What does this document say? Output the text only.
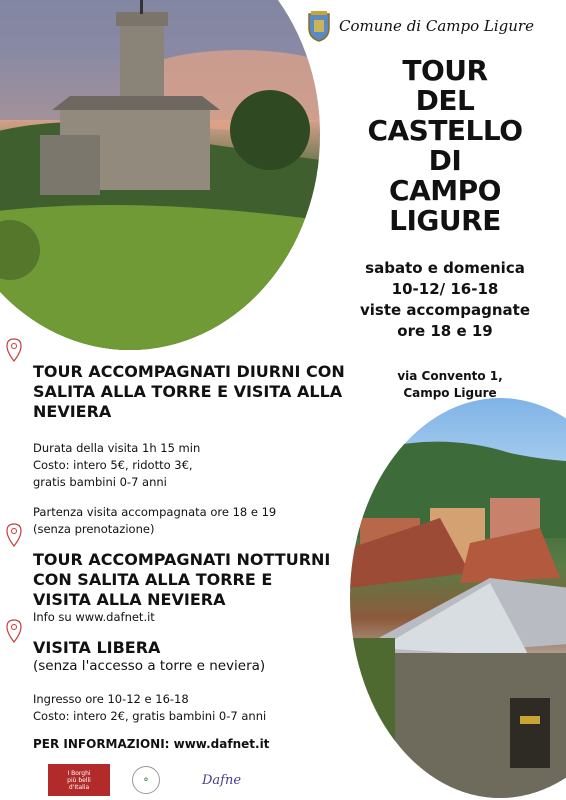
Comune di Campo Ligure
TOUR
DEL
CASTELLO
DI
CAMPO
LIGURE
sabato e domenica
10-12/ 16-18
viste accompagnate
ore 18 e 19
via Convento 1,
Campo Ligure
TOUR ACCOMPAGNATI DIURNI CON
SALITA ALLA TORRE E VISITA ALLA
NEVIERA
Durata della visita 1h 15 min
Costo: intero 5€, ridotto 3€,
gratis bambini 0-7 anni
Partenza visita accompagnata ore 18 e 19
(senza prenotazione)
TOUR ACCOMPAGNATI NOTTURNI
CON SALITA ALLA TORRE E
VISITA ALLA NEVIERA
Info su www.dafnet.it
VISITA LIBERA
(senza l'accesso a torre e neviera)
Ingresso ore 10-12 e 16-18
Costo: intero 2€, gratis bambini 0-7 anni
PER INFORMAZIONI: www.dafnet.it
I Borghi
più belli
d'Italia
✿	Dafne
